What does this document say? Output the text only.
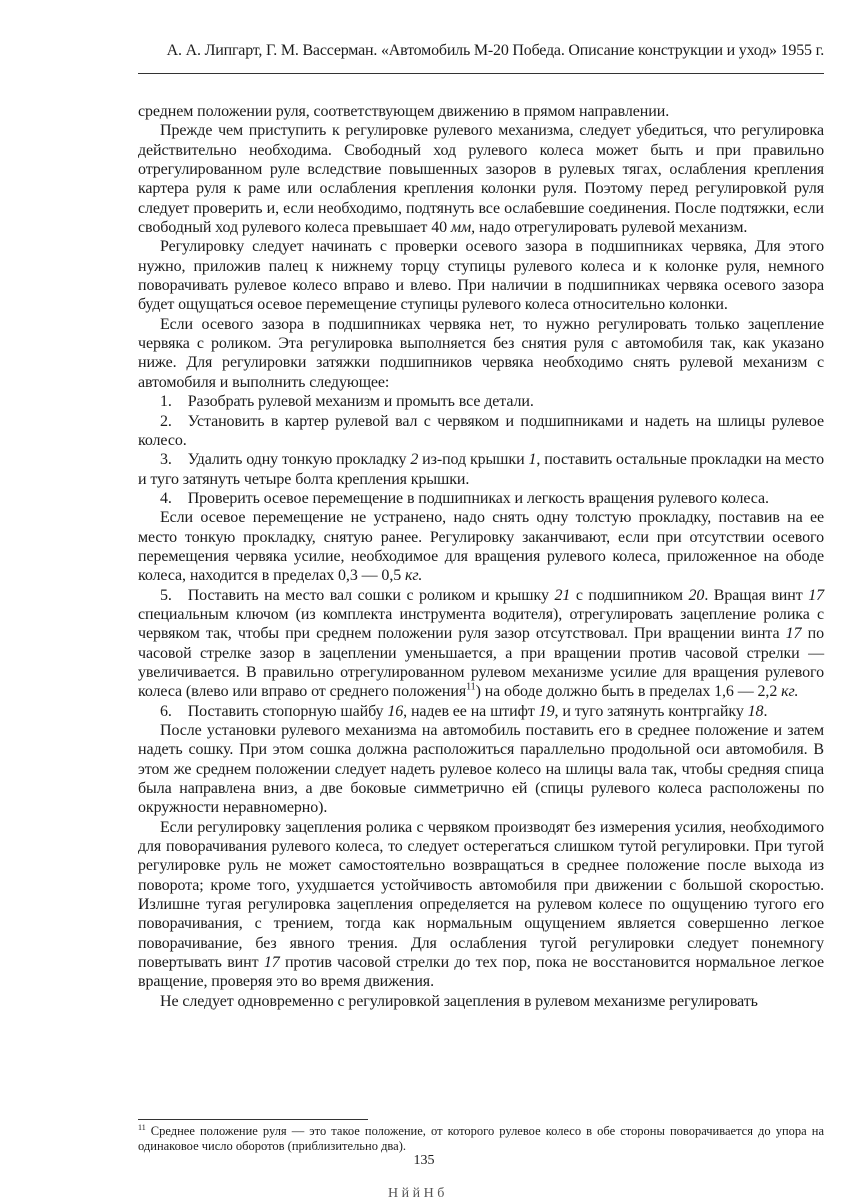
А. А. Липгарт, Г. М. Вассерман. «Автомобиль М-20 Победа. Описание конструкции и уход» 1955 г.

среднем положении руля, соответствующем движению в прямом направлении.

Прежде чем приступить к регулировке рулевого механизма, следует убедиться, что регулировка действительно необходима. Свободный ход рулевого колеса может быть и при правильно отрегулированном руле вследствие повышенных зазоров в рулевых тягах, ослабления крепления картера руля к раме или ослабления крепления колонки руля. Поэтому перед регулировкой руля следует проверить и, если необходимо, подтянуть все ослабевшие соединения. После подтяжки, если свободный ход рулевого колеса превышает 40 мм, надо отрегулировать рулевой механизм.

Регулировку следует начинать с проверки осевого зазора в подшипниках червяка, Для этого нужно, приложив палец к нижнему торцу ступицы рулевого колеса и к колонке руля, немного поворачивать рулевое колесо вправо и влево. При наличии в подшипниках червяка осевого зазора будет ощущаться осевое перемещение ступицы рулевого колеса относительно колонки.

Если осевого зазора в подшипниках червяка нет, то нужно регулировать только зацепление червяка с роликом. Эта регулировка выполняется без снятия руля с автомобиля так, как указано ниже. Для регулировки затяжки подшипников червяка необходимо снять рулевой механизм с автомобиля и выполнить следующее:

1. Разобрать рулевой механизм и промыть все детали.

2. Установить в картер рулевой вал с червяком и подшипниками и надеть на шлицы рулевое колесо.

3. Удалить одну тонкую прокладку 2 из-под крышки 1, поставить остальные прокладки на место и туго затянуть четыре болта крепления крышки.

4. Проверить осевое перемещение в подшипниках и легкость вращения рулевого колеса.

Если осевое перемещение не устранено, надо снять одну толстую прокладку, поставив на ее место тонкую прокладку, снятую ранее. Регулировку заканчивают, если при отсутствии осевого перемещения червяка усилие, необходимое для вращения рулевого колеса, приложенное на ободе колеса, находится в пределах 0,3 — 0,5 кг.

5. Поставить на место вал сошки с роликом и крышку 21 с подшипником 20. Вращая винт 17 специальным ключом (из комплекта инструмента водителя), отрегулировать зацепление ролика с червяком так, чтобы при среднем положении руля зазор отсутствовал. При вращении винта 17 по часовой стрелке зазор в зацеплении уменьшается, а при вращении против часовой стрелки — увеличивается. В правильно отрегулированном рулевом механизме усилие для вращения рулевого колеса (влево или вправо от среднего положения$^{11}$) на ободе должно быть в пределах 1,6 — 2,2 кг.

6. Поставить стопорную шайбу 16, надев ее на штифт 19, и туго затянуть контргайку 18.

После установки рулевого механизма на автомобиль поставить его в среднее положение и затем надеть сошку. При этом сошка должна расположиться параллельно продольной оси автомобиля. В этом же среднем положении следует надеть рулевое колесо на шлицы вала так, чтобы средняя спица была направлена вниз, а две боковые симметрично ей (спицы рулевого колеса расположены по окружности неравномерно).

Если регулировку зацепления ролика с червяком производят без измерения усилия, необходимого для поворачивания рулевого колеса, то следует остерегаться слишком тутой регулировки. При тугой регулировке руль не может самостоятельно возвращаться в среднее положение после выхода из поворота; кроме того, ухудшается устойчивость автомобиля при движении с большой скоростью. Излишне тугая регулировка зацепления определяется на рулевом колесе по ощущению тугого его поворачивания, с трением, тогда как нормальным ощущением является совершенно легкое поворачивание, без явного трения. Для ослабления тугой регулировки следует понемногу повертывать винт 17 против часовой стрелки до тех пор, пока не восстановится нормальное легкое вращение, проверяя это во время движения.

Не следует одновременно с регулировкой зацепления в рулевом механизме регулировать

$^{11}$ Среднее положение руля — это такое положение, от которого рулевое колесо в обе стороны поворачивается до упора на одинаковое число оборотов (приблизительно два).
135
Н й й Н б
